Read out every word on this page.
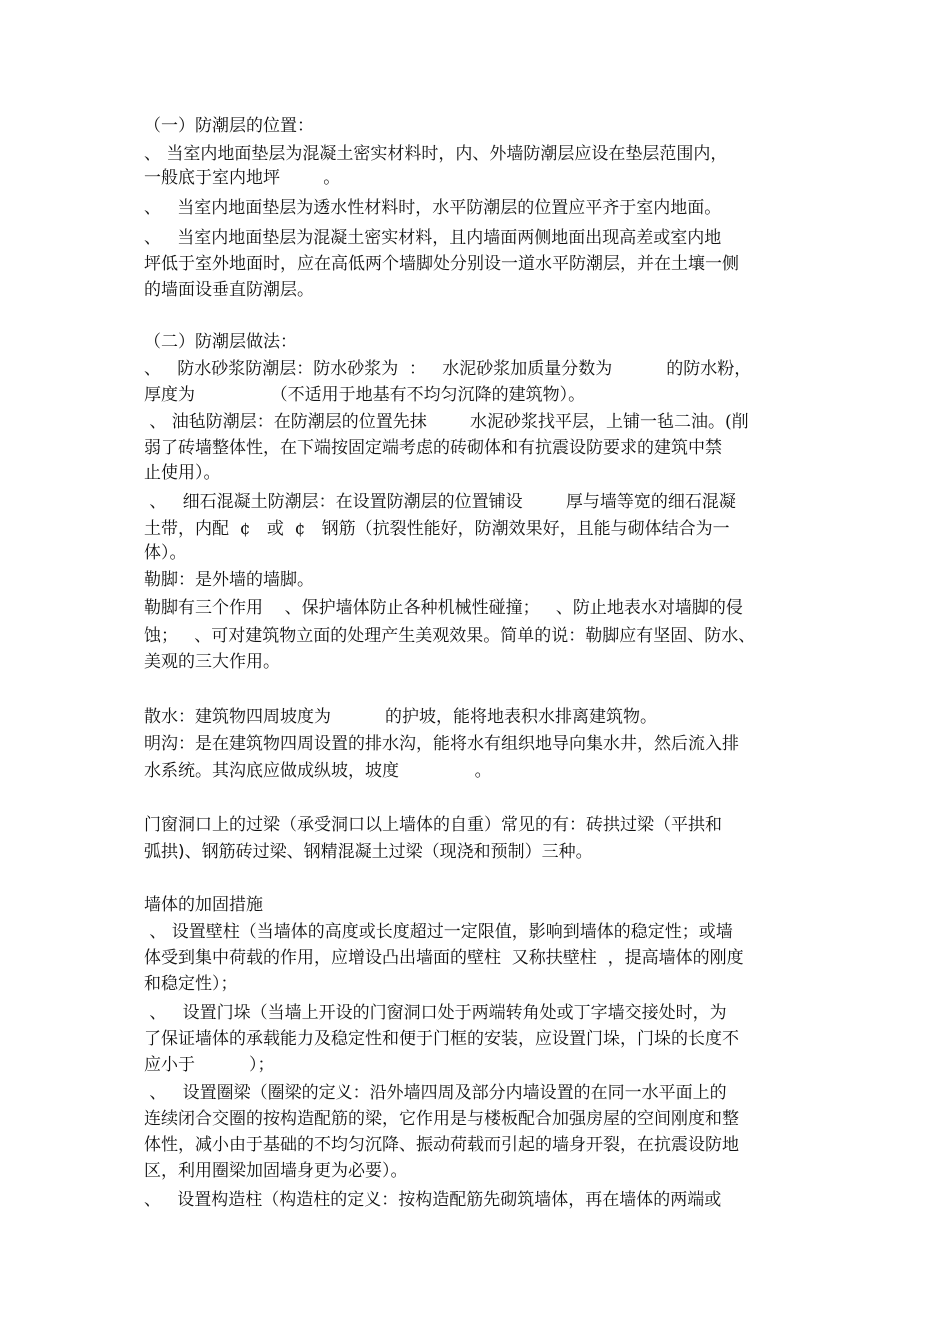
（一）防潮层的位置：
、 当室内地面垫层为混凝土密实材料时，内、外墙防潮层应设在垫层范围内，
一般底于室内地坪        。
、   当室内地面垫层为透水性材料时，水平防潮层的位置应平齐于室内地面。
、   当室内地面垫层为混凝土密实材料，且内墙面两侧地面出现高差或室内地
坪低于室外地面时，应在高低两个墙脚处分别设一道水平防潮层，并在土壤一侧
的墙面设垂直防潮层。
（二）防潮层做法：
、   防水砂浆防潮层：防水砂浆为  ：   水泥砂浆加质量分数为          的防水粉，
厚度为              （不适用于地基有不均匀沉降的建筑物）。
、 油毡防潮层：在防潮层的位置先抹        水泥砂浆找平层，上铺一毡二油。(削
弱了砖墙整体性，在下端按固定端考虑的砖砌体和有抗震设防要求的建筑中禁
止使用）。
、   细石混凝土防潮层：在设置防潮层的位置铺设        厚与墙等宽的细石混凝
土带，内配  ¢   或  ¢   钢筋（抗裂性能好，防潮效果好，且能与砌体结合为一
体）。
勒脚：是外墙的墙脚。
勒脚有三个作用    、保护墙体防止各种机械性碰撞；   、防止地表水对墙脚的侵
蚀；   、可对建筑物立面的处理产生美观效果。简单的说：勒脚应有坚固、防水、
美观的三大作用。
散水：建筑物四周坡度为          的护坡，能将地表积水排离建筑物。
明沟：是在建筑物四周设置的排水沟，能将水有组织地导向集水井，然后流入排
水系统。其沟底应做成纵坡，坡度              。
门窗洞口上的过梁（承受洞口以上墙体的自重）常见的有：砖拱过梁（平拱和
弧拱)、钢筋砖过梁、钢精混凝土过梁（现浇和预制）三种。
墙体的加固措施
、 设置壁柱（当墙体的高度或长度超过一定限值，影响到墙体的稳定性；或墙
体受到集中荷载的作用，应增设凸出墙面的壁柱  又称扶壁柱  ，提高墙体的刚度
和稳定性）；
、   设置门垛（当墙上开设的门窗洞口处于两端转角处或丁字墙交接处时，为
了保证墙体的承载能力及稳定性和便于门框的安装，应设置门垛，门垛的长度不
应小于          ）；
、   设置圈梁（圈梁的定义：沿外墙四周及部分内墙设置的在同一水平面上的
连续闭合交圈的按构造配筋的梁，它作用是与楼板配合加强房屋的空间刚度和整
体性，减小由于基础的不均匀沉降、振动荷载而引起的墙身开裂，在抗震设防地
区，利用圈梁加固墙身更为必要）。
、   设置构造柱（构造柱的定义：按构造配筋先砌筑墙体，再在墙体的两端或
